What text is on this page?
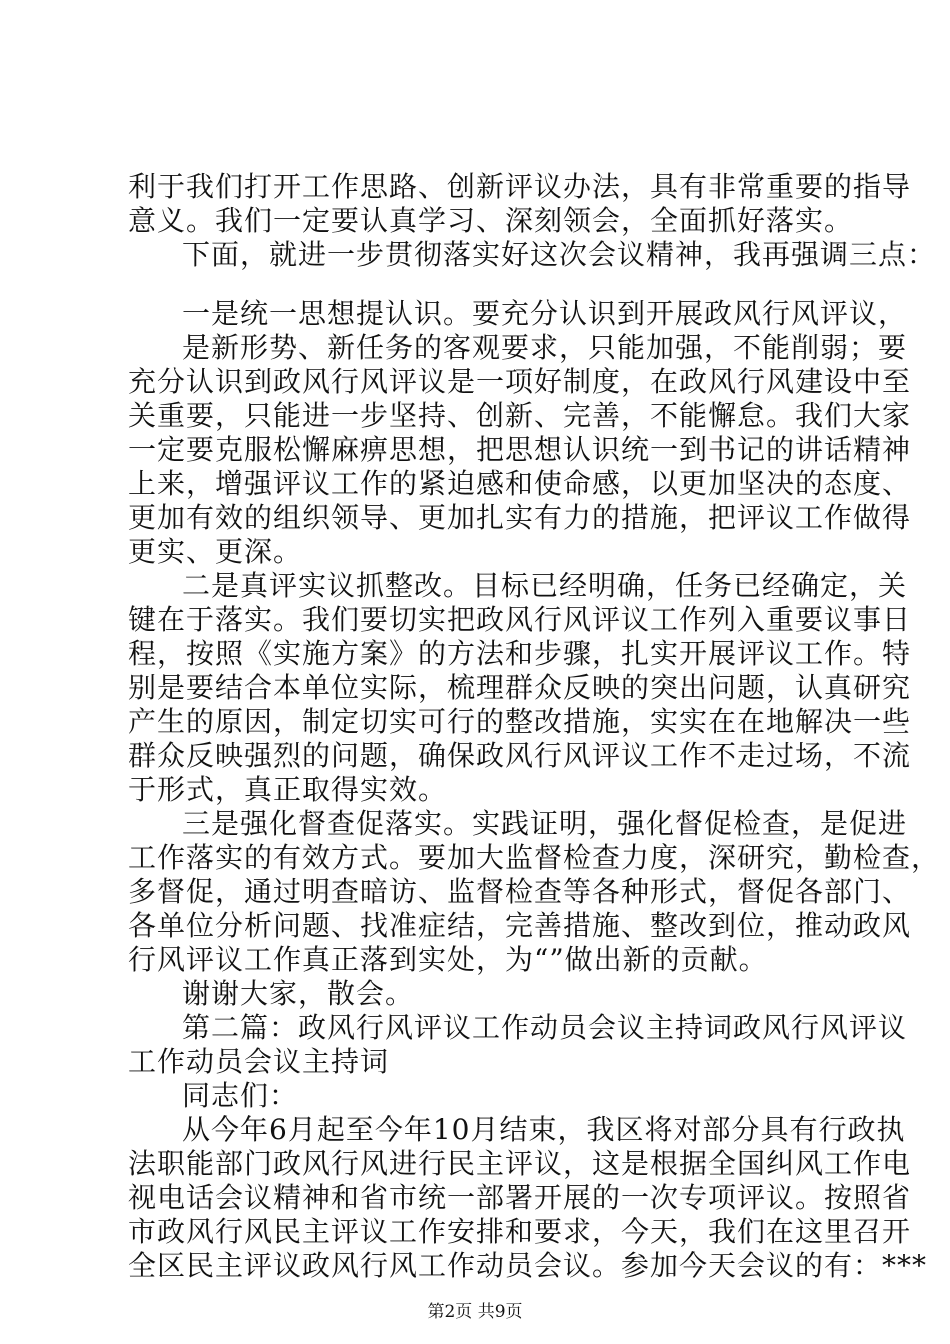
利于我们打开工作思路、创新评议办法，具有非常重要的指导
意义。我们一定要认真学习、深刻领会，全面抓好落实。
下面，就进一步贯彻落实好这次会议精神，我再强调三点：
一是统一思想提认识。要充分认识到开展政风行风评议，
是新形势、新任务的客观要求，只能加强，不能削弱；要
充分认识到政风行风评议是一项好制度，在政风行风建设中至
关重要，只能进一步坚持、创新、完善，不能懈怠。我们大家
一定要克服松懈麻痹思想，把思想认识统一到书记的讲话精神
上来，增强评议工作的紧迫感和使命感，以更加坚决的态度、
更加有效的组织领导、更加扎实有力的措施，把评议工作做得
更实、更深。
二是真评实议抓整改。目标已经明确，任务已经确定，关
键在于落实。我们要切实把政风行风评议工作列入重要议事日
程，按照《实施方案》的方法和步骤，扎实开展评议工作。特
别是要结合本单位实际，梳理群众反映的突出问题，认真研究
产生的原因，制定切实可行的整改措施，实实在在地解决一些
群众反映强烈的问题，确保政风行风评议工作不走过场，不流
于形式，真正取得实效。
三是强化督查促落实。实践证明，强化督促检查，是促进
工作落实的有效方式。要加大监督检查力度，深研究，勤检查，
多督促，通过明查暗访、监督检查等各种形式，督促各部门、
各单位分析问题、找准症结，完善措施、整改到位，推动政风
行风评议工作真正落到实处，为“”做出新的贡献。
谢谢大家，散会。
第二篇：政风行风评议工作动员会议主持词政风行风评议
工作动员会议主持词
同志们：
从今年6月起至今年10月结束，我区将对部分具有行政执
法职能部门政风行风进行民主评议，这是根据全国纠风工作电
视电话会议精神和省市统一部署开展的一次专项评议。按照省
市政风行风民主评议工作安排和要求，今天，我们在这里召开
全区民主评议政风行风工作动员会议。参加今天会议的有：***
第2页 共9页
